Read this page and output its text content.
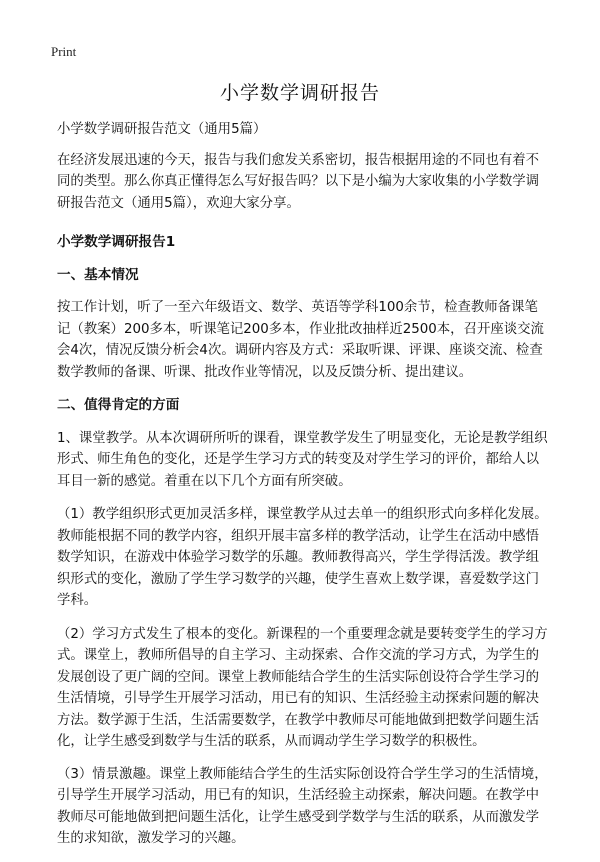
Print
小学数学调研报告

小学数学调研报告范文（通用5篇）

在经济发展迅速的今天，报告与我们愈发关系密切，报告根据用途的不同也有着不同的类型。那么你真正懂得怎么写好报告吗？以下是小编为大家收集的小学数学调研报告范文（通用5篇），欢迎大家分享。

小学数学调研报告1

一、基本情况

按工作计划，听了一至六年级语文、数学、英语等学科100余节，检查教师备课笔记（教案）200多本，听课笔记200多本，作业批改抽样近2500本，召开座谈交流会4次，情况反馈分析会4次。调研内容及方式：采取听课、评课、座谈交流、检查数学教师的备课、听课、批改作业等情况，以及反馈分析、提出建议。

二、值得肯定的方面

1、课堂教学。从本次调研所听的课看，课堂教学发生了明显变化，无论是教学组织形式、师生角色的变化，还是学生学习方式的转变及对学生学习的评价，都给人以耳目一新的感觉。着重在以下几个方面有所突破。

（1）教学组织形式更加灵活多样，课堂教学从过去单一的组织形式向多样化发展。教师能根据不同的教学内容，组织开展丰富多样的教学活动，让学生在活动中感悟数学知识，在游戏中体验学习数学的乐趣。教师教得高兴，学生学得活泼。教学组织形式的变化，激励了学生学习数学的兴趣，使学生喜欢上数学课，喜爱数学这门学科。

（2）学习方式发生了根本的变化。新课程的一个重要理念就是要转变学生的学习方式。课堂上，教师所倡导的自主学习、主动探索、合作交流的学习方式，为学生的发展创设了更广阔的空间。课堂上教师能结合学生的生活实际创设符合学生学习的生活情境，引导学生开展学习活动，用已有的知识、生活经验主动探索问题的解决方法。数学源于生活，生活需要数学，在教学中教师尽可能地做到把数学问题生活化，让学生感受到数学与生活的联系，从而调动学生学习数学的积极性。

（3）情景激趣。课堂上教师能结合学生的生活实际创设符合学生学习的生活情境，引导学生开展学习活动，用已有的知识，生活经验主动探索，解决问题。在教学中教师尽可能地做到把问题生活化，让学生感受到学数学与生活的联系，从而激发学生的求知欲，激发学习的兴趣。
